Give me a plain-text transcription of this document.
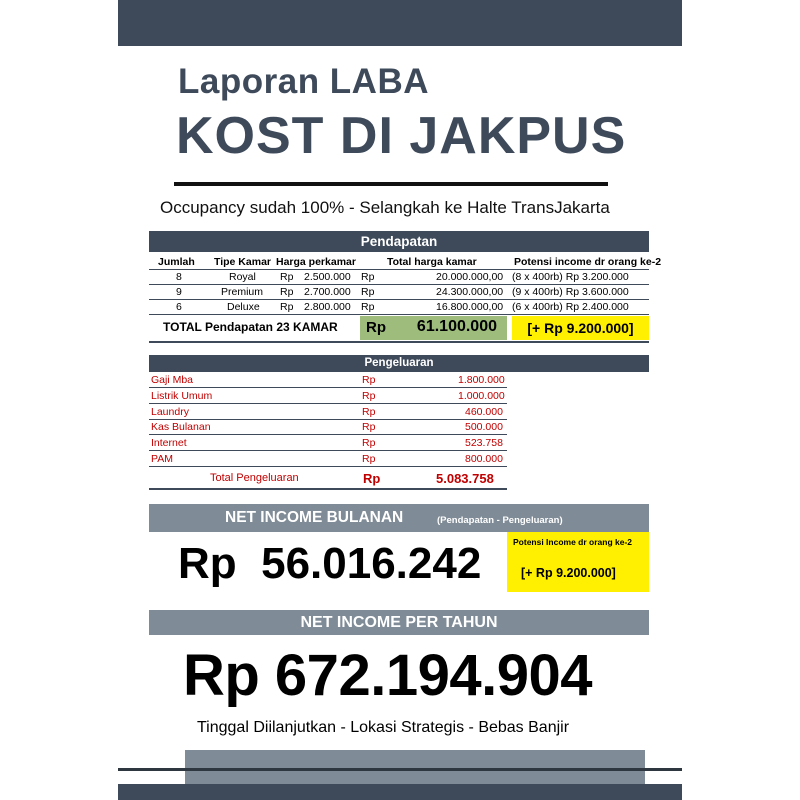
Laporan LABA
KOST DI JAKPUS
Occupancy sudah 100% - Selangkah ke Halte TransJakarta
Pendapatan
Jumlah Tipe Kamar Harga perkamar	Total harga kamar	Potensi income dr orang ke-2
8	Royal Rp 2.500.000 Rp	20.000.000,00 (8 x 400rb) Rp 3.200.000
9	Premium Rp 2.700.000 Rp	24.300.000,00 (9 x 400rb) Rp 3.600.000
6	Deluxe Rp 2.800.000 Rp	16.800.000,00 (6 x 400rb) Rp 2.400.000
TOTAL Pendapatan 23 KAMAR Rp 61.100.000	[+ Rp 9.200.000]
Pengeluaran
Gaji Mba	Rp	1.800.000
Listrik Umum	Rp	1.000.000
Laundry	Rp	460.000
Kas Bulanan	Rp	500.000
Internet	Rp	523.758
PAM	Rp	800.000
Total Pengeluaran	Rp	5.083.758
NET INCOME BULANAN	(Pendapatan - Pengeluaran)
Rp  56.016.242	Potensi Income dr orang ke-2
[+ Rp 9.200.000]
NET INCOME PER TAHUN
Rp 672.194.904
Tinggal Diilanjutkan - Lokasi Strategis - Bebas Banjir
